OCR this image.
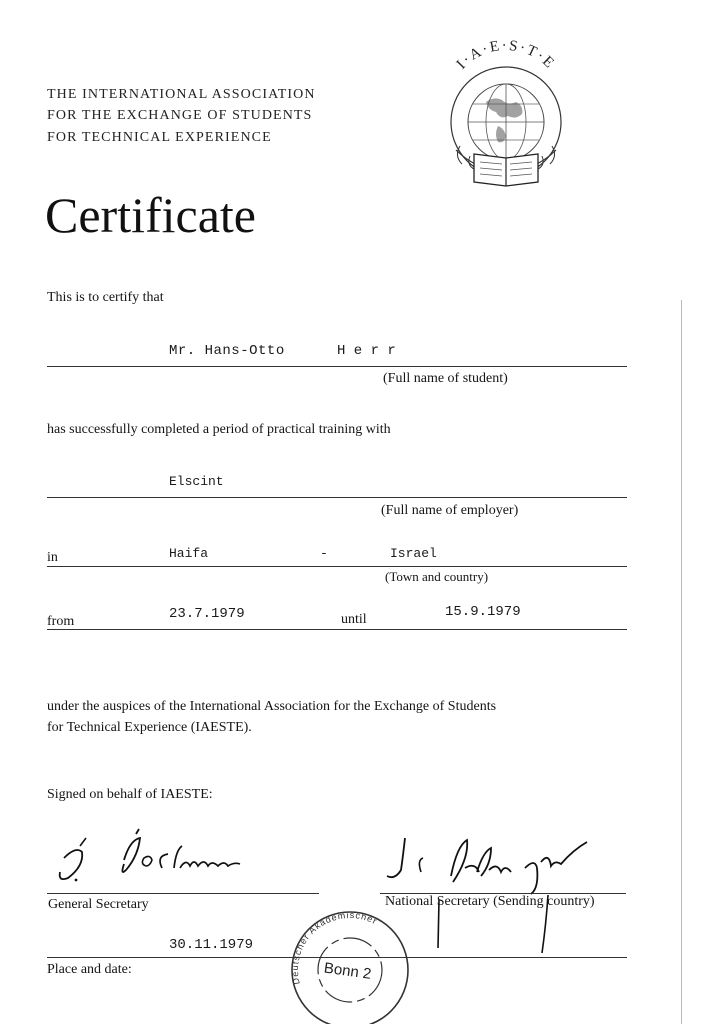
THE INTERNATIONAL ASSOCIATION
FOR THE EXCHANGE OF STUDENTS
FOR TECHNICAL EXPERIENCE
I·A·E·S·T·E
Certificate
This is to certify that
Mr. Hans-Otto	H e r r
(Full name of student)
has successfully completed a period of practical training with
Elscint
(Full name of employer)
in	Haifa	-	Israel
(Town and country)
from	23.7.1979	until	15.9.1979
under the auspices of the International Association for the Exchange of Students
for Technical Experience (IAESTE).
Signed on behalf of IAESTE:
General Secretary	National Secretary (Sending country)
30.11.1979
Place and date:
Deutscher Akademischer
Bonn 2
